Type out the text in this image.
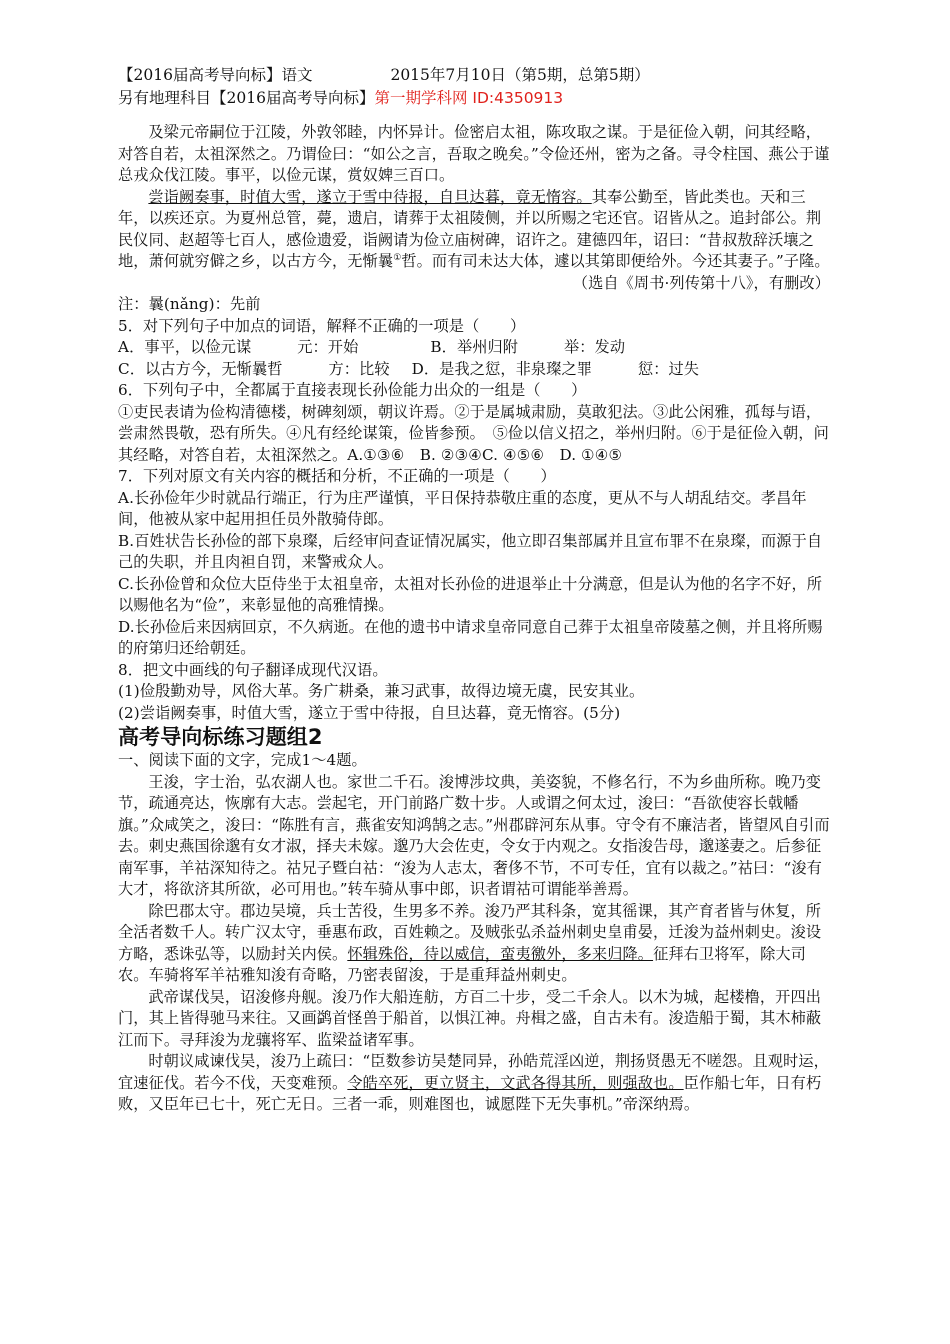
【2016届高考导向标】语文	2015年7月10日（第5期，总第5期）
另有地理科目【2016届高考导向标】第一期学科网 ID:4350913

及梁元帝嗣位于江陵，外敦邻睦，内怀异计。俭密启太祖，陈攻取之谋。于是征俭入朝，问其经略，对答自若，太祖深然之。乃谓俭曰：“如公之言，吾取之晚矣。”令俭还州，密为之备。寻令柱国、燕公于谨总戎众伐江陵。事平，以俭元谋，赏奴婢三百口。

尝诣阙奏事，时值大雪，遂立于雪中待报，自旦达暮，竟无惰容。其奉公勤至，皆此类也。天和三年，以疾还京。为夏州总管，薨，遗启，请葬于太祖陵侧，并以所赐之宅还官。诏皆从之。追封郃公。荆民仪同、赵超等七百人，感俭遗爱，诣阙请为俭立庙树碑，诏许之。建德四年，诏曰：“昔叔敖辞沃壤之地，萧何就穷僻之乡，以古方今，无惭曩①哲。而有司未达大体，遽以其第即便给外。今还其妻子。”子隆。

（选自《周书·列传第十八》，有删改）

注：曩(nǎng)：先前

5．对下列句子中加点的词语，解释不正确的一项是（　　）

A．事平，以俭元谋　　　元：开始	B．举州归附　　　举：发动

C．以古方今，无惭曩哲　　　方：比较 D．是我之愆，非泉璨之罪　　　愆：过失

6．下列句子中，全都属于直接表现长孙俭能力出众的一组是（　　）

①吏民表请为俭构清德楼，树碑刻颂，朝议许焉。②于是属城肃励，莫敢犯法。③此公闲雅，孤每与语，尝肃然畏敬，恐有所失。④凡有经纶谋策，俭皆参预。　⑤俭以信义招之，举州归附。⑥于是征俭入朝，问其经略，对答自若，太祖深然之。A.①③⑥　B. ②③④C. ④⑤⑥　D. ①④⑤

7．下列对原文有关内容的概括和分析，不正确的一项是（　　）

A.长孙俭年少时就品行端正，行为庄严谨慎，平日保持恭敬庄重的态度，更从不与人胡乱结交。孝昌年间，他被从家中起用担任员外散骑侍郎。

B.百姓状告长孙俭的部下泉璨，后经审问查证情况属实，他立即召集部属并且宣布罪不在泉璨，而源于自己的失职，并且肉袒自罚，来警戒众人。

C.长孙俭曾和众位大臣侍坐于太祖皇帝，太祖对长孙俭的进退举止十分满意，但是认为他的名字不好，所以赐他名为“俭”，来彰显他的高雅情操。

D.长孙俭后来因病回京，不久病逝。在他的遗书中请求皇帝同意自己葬于太祖皇帝陵墓之侧，并且将所赐的府第归还给朝廷。

8．把文中画线的句子翻译成现代汉语。

(1)俭殷勤劝导，风俗大革。务广耕桑，兼习武事，故得边境无虞，民安其业。

(2)尝诣阙奏事，时值大雪，遂立于雪中待报，自旦达暮，竟无惰容。(5分)

高考导向标练习题组2

一、阅读下面的文字，完成1～4题。

王浚，字士治，弘农湖人也。家世二千石。浚博涉坟典，美姿貌，不修名行，不为乡曲所称。晚乃变节，疏通亮达，恢廓有大志。尝起宅，开门前路广数十步。人或谓之何太过，浚曰：“吾欲使容长戟幡旗。”众咸笑之，浚曰：“陈胜有言，燕雀安知鸿鹄之志。”州郡辟河东从事。守令有不廉洁者，皆望风自引而去。刺史燕国徐邈有女才淑，择夫未嫁。邈乃大会佐吏，令女于内观之。女指浚告母，邈遂妻之。后参征南军事，羊祜深知待之。祜兄子暨白祜：“浚为人志太，奢侈不节，不可专任，宜有以裁之。”祜曰：“浚有大才，将欲济其所欲，必可用也。”转车骑从事中郎，识者谓祜可谓能举善焉。

除巴郡太守。郡边吴境，兵士苦役，生男多不养。浚乃严其科条，宽其徭课，其产育者皆与休复，所全活者数千人。转广汉太守，垂惠布政，百姓赖之。及贼张弘杀益州刺史皇甫晏，迁浚为益州刺史。浚设方略，悉诛弘等，以励封关内侯。怀辑殊俗，待以威信，蛮夷徼外，多来归降。征拜右卫将军，除大司农。车骑将军羊祜雅知浚有奇略，乃密表留浚，于是重拜益州刺史。

武帝谋伐吴，诏浚修舟舰。浚乃作大船连舫，方百二十步，受二千余人。以木为城，起楼橹，开四出门，其上皆得驰马来往。又画鹢首怪兽于船首，以惧江神。舟楫之盛，自古未有。浚造船于蜀，其木柿蔽江而下。寻拜浚为龙骧将军、监梁益诸军事。

时朝议咸谏伐吴，浚乃上疏曰：“臣数参访吴楚同异，孙皓荒淫凶逆，荆扬贤愚无不嗟怨。且观时运，宜速征伐。若今不伐，天变难预。令皓卒死，更立贤主，文武各得其所，则强敌也。臣作船七年，日有朽败，又臣年已七十，死亡无日。三者一乖，则难图也，诚愿陛下无失事机。”帝深纳焉。
